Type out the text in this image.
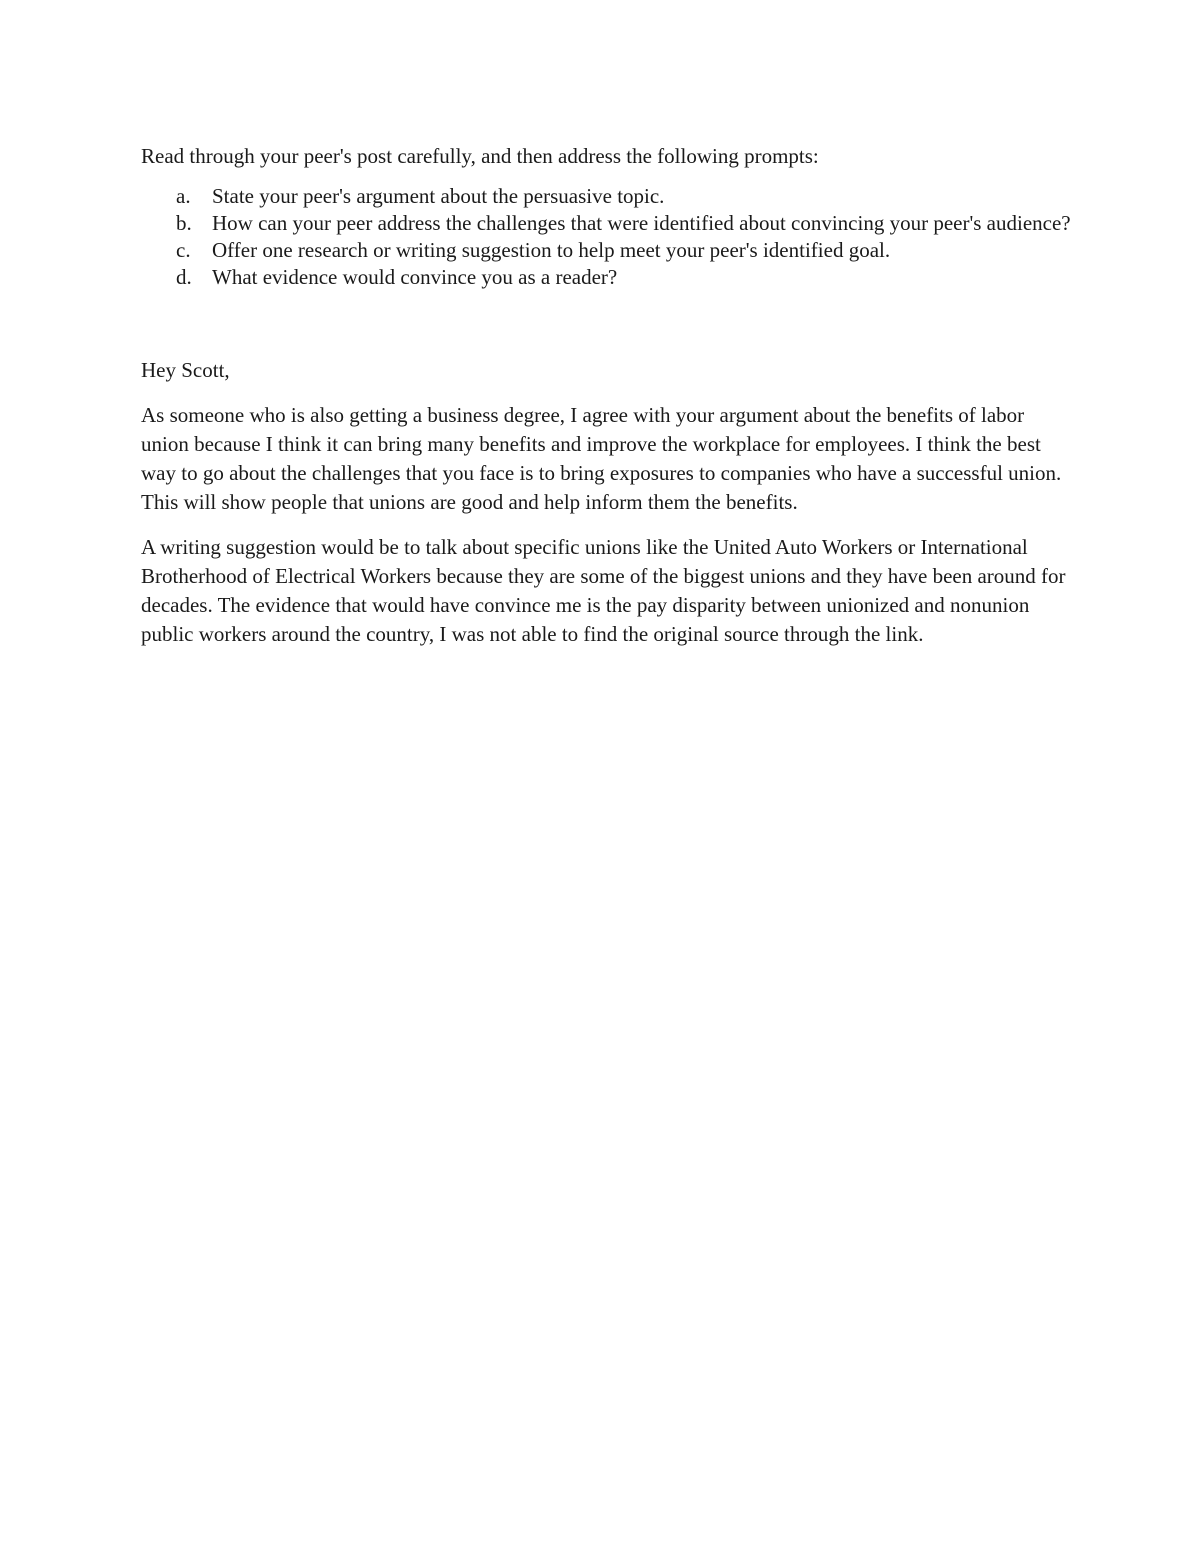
Read through your peer's post carefully, and then address the following prompts:

a. State your peer's argument about the persuasive topic.
b. How can your peer address the challenges that were identified about convincing your peer's audience?
c. Offer one research or writing suggestion to help meet your peer's identified goal.
d. What evidence would convince you as a reader?

Hey Scott,

As someone who is also getting a business degree, I agree with your argument about the benefits of labor union because I think it can bring many benefits and improve the workplace for employees. I think the best way to go about the challenges that you face is to bring exposures to companies who have a successful union. This will show people that unions are good and help inform them the benefits.

A writing suggestion would be to talk about specific unions like the United Auto Workers or International Brotherhood of Electrical Workers because they are some of the biggest unions and they have been around for decades. The evidence that would have convince me is the pay disparity between unionized and nonunion public workers around the country, I was not able to find the original source through the link.
